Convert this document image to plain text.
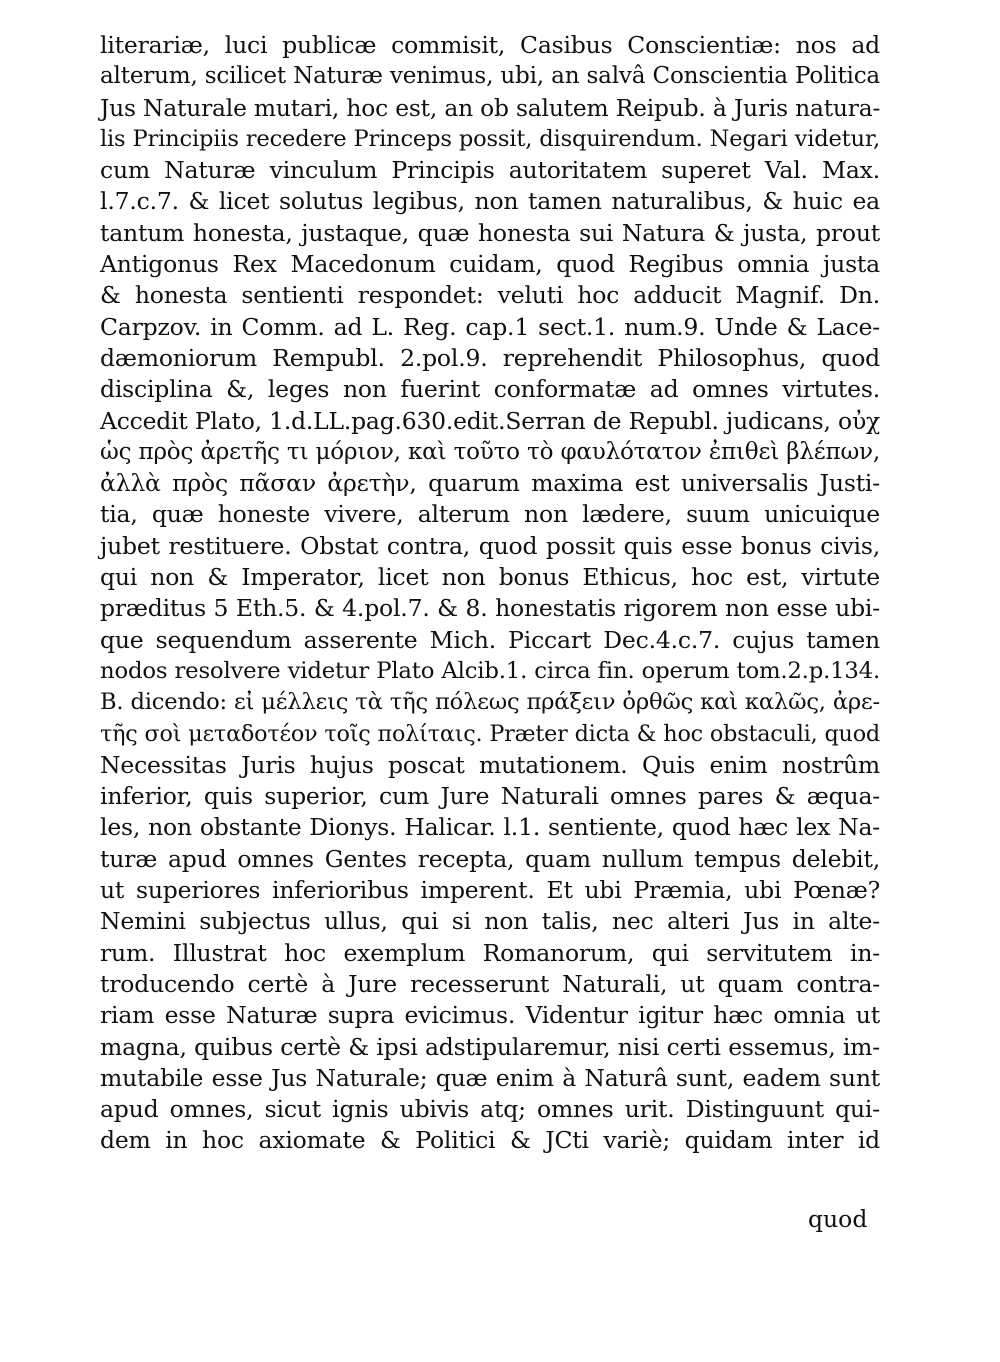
literariæ, luci publicæ commisit, Casibus Conscientiæ: nos ad
alterum, scilicet Naturæ venimus, ubi, an salvâ Conscientia Politica
Jus Naturale mutari, hoc est, an ob salutem Reipub. à Juris natura-
lis Principiis recedere Princeps possit, disquirendum. Negari videtur,
cum Naturæ vinculum Principis autoritatem superet Val. Max.
l.7.c.7. & licet solutus legibus, non tamen naturalibus, & huic ea
tantum honesta, justaque, quæ honesta sui Natura & justa, prout
Antigonus Rex Macedonum cuidam, quod Regibus omnia justa
& honesta sentienti respondet: veluti hoc adducit Magnif. Dn.
Carpzov. in Comm. ad L. Reg. cap.1 sect.1. num.9. Unde & Lace-
dæmoniorum Rempubl. 2.pol.9. reprehendit Philosophus, quod
disciplina &, leges non fuerint conformatæ ad omnes virtutes.
Accedit Plato, 1.d.LL.pag.630.edit.Serran de Republ. judicans, οὐχ
ὡς πρὸς ἀρετῆς τι μόριον, καὶ τοῦτο τὸ φαυλότατον ἐπιθεὶ βλέπων,
ἀλλὰ πρὸς πᾶσαν ἀρετὴν, quarum maxima est universalis Justi-
tia, quæ honeste vivere, alterum non lædere, suum unicuique
jubet restituere. Obstat contra, quod possit quis esse bonus civis,
qui non & Imperator, licet non bonus Ethicus, hoc est, virtute
præditus 5 Eth.5. & 4.pol.7. & 8. honestatis rigorem non esse ubi-
que sequendum asserente Mich. Piccart Dec.4.c.7. cujus tamen
nodos resolvere videtur Plato Alcib.1. circa fin. operum tom.2.p.134.
B. dicendo: εἰ μέλλεις τὰ τῆς πόλεως πράξειν ὀρθῶς καὶ καλῶς, ἀρε-
τῆς σοὶ μεταδοτέον τοῖς πολίταις. Præter dicta & hoc obstaculi, quod
Necessitas Juris hujus poscat mutationem. Quis enim nostrûm
inferior, quis superior, cum Jure Naturali omnes pares & æqua-
les, non obstante Dionys. Halicar. l.1. sentiente, quod hæc lex Na-
turæ apud omnes Gentes recepta, quam nullum tempus delebit,
ut superiores inferioribus imperent. Et ubi Præmia, ubi Pœnæ?
Nemini subjectus ullus, qui si non talis, nec alteri Jus in alte-
rum. Illustrat hoc exemplum Romanorum, qui servitutem in-
troducendo certè à Jure recesserunt Naturali, ut quam contra-
riam esse Naturæ supra evicimus. Videntur igitur hæc omnia ut
magna, quibus certè & ipsi adstipularemur, nisi certi essemus, im-
mutabile esse Jus Naturale; quæ enim à Naturâ sunt, eadem sunt
apud omnes, sicut ignis ubivis atq; omnes urit. Distinguunt qui-
dem in hoc axiomate & Politici & JCti variè; quidam inter id
quod
